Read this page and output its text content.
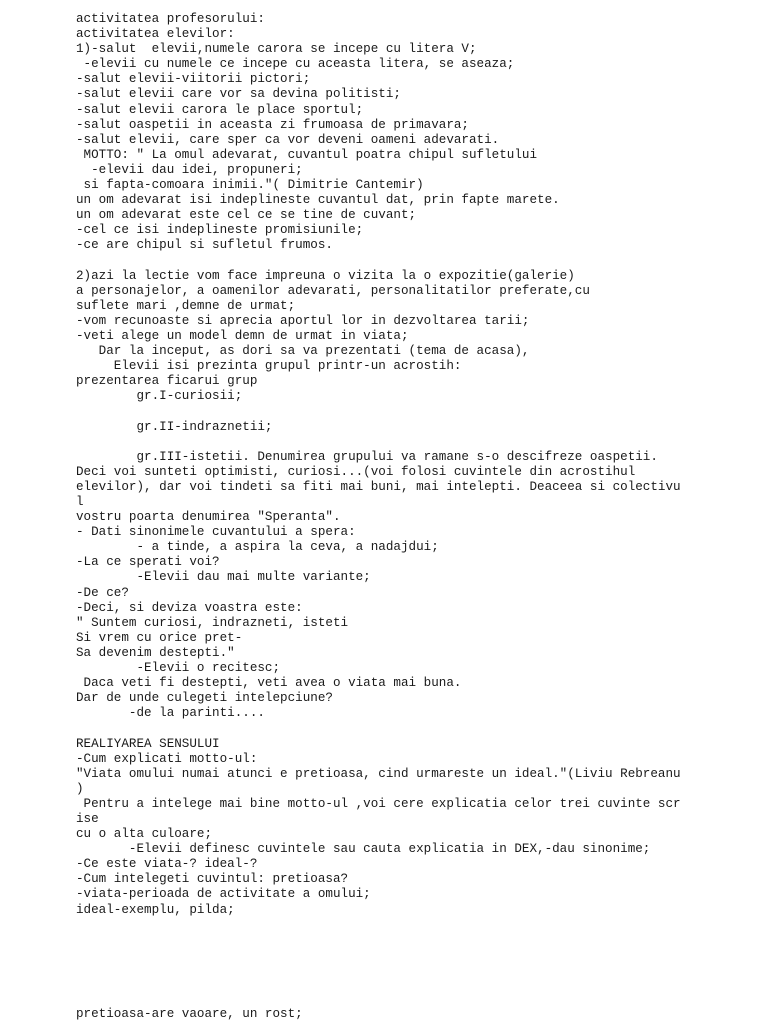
activitatea profesorului:
activitatea elevilor:
1)-salut  elevii,numele carora se incepe cu litera V;
-elevii cu numele ce incepe cu aceasta litera, se aseaza;
-salut elevii-viitorii pictori;
-salut elevii care vor sa devina politisti;
-salut elevii carora le place sportul;
-salut oaspetii in aceasta zi frumoasa de primavara;
-salut elevii, care sper ca vor deveni oameni adevarati.
MOTTO: " La omul adevarat, cuvantul poatra chipul sufletului
-elevii dau idei, propuneri;
si fapta-comoara inimii."( Dimitrie Cantemir)
un om adevarat isi indeplineste cuvantul dat, prin fapte marete.
un om adevarat este cel ce se tine de cuvant;
-cel ce isi indeplineste promisiunile;
-ce are chipul si sufletul frumos.
2)azi la lectie vom face impreuna o vizita la o expozitie(galerie)
a personajelor, a oamenilor adevarati, personalitatilor preferate,cu
suflete mari ,demne de urmat;
-vom recunoaste si aprecia aportul lor in dezvoltarea tarii;
-veti alege un model demn de urmat in viata;
Dar la inceput, as dori sa va prezentati (tema de acasa),
Elevii isi prezinta grupul printr-un acrostih:
prezentarea ficarui grup
gr.I-curiosii;
gr.II-indraznetii;
gr.III-istetii. Denumirea grupului va ramane s-o descifreze oaspetii.
Deci voi sunteti optimisti, curiosi...(voi folosi cuvintele din acrostihul
elevilor), dar voi tindeti sa fiti mai buni, mai intelepti. Deaceea si colectivu
l
vostru poarta denumirea "Speranta".
- Dati sinonimele cuvantului a spera:
- a tinde, a aspira la ceva, a nadajdui;
-La ce sperati voi?
-Elevii dau mai multe variante;
-De ce?
-Deci, si deviza voastra este:
" Suntem curiosi, indrazneti, isteti
Si vrem cu orice pret-
Sa devenim destepti."
-Elevii o recitesc;
Daca veti fi destepti, veti avea o viata mai buna.
Dar de unde culegeti intelepciune?
-de la parinti....
REALIYAREA SENSULUI
-Cum explicati motto-ul:
"Viata omului numai atunci e pretioasa, cind urmareste un ideal."(Liviu Rebreanu
)
Pentru a intelege mai bine motto-ul ,voi cere explicatia celor trei cuvinte scr
ise
cu o alta culoare;
-Elevii definesc cuvintele sau cauta explicatia in DEX,-dau sinonime;
-Ce este viata-? ideal-?
-Cum intelegeti cuvintul: pretioasa?
-viata-perioada de activitate a omului;
ideal-exemplu, pilda;
pretioasa-are vaoare, un rost;
